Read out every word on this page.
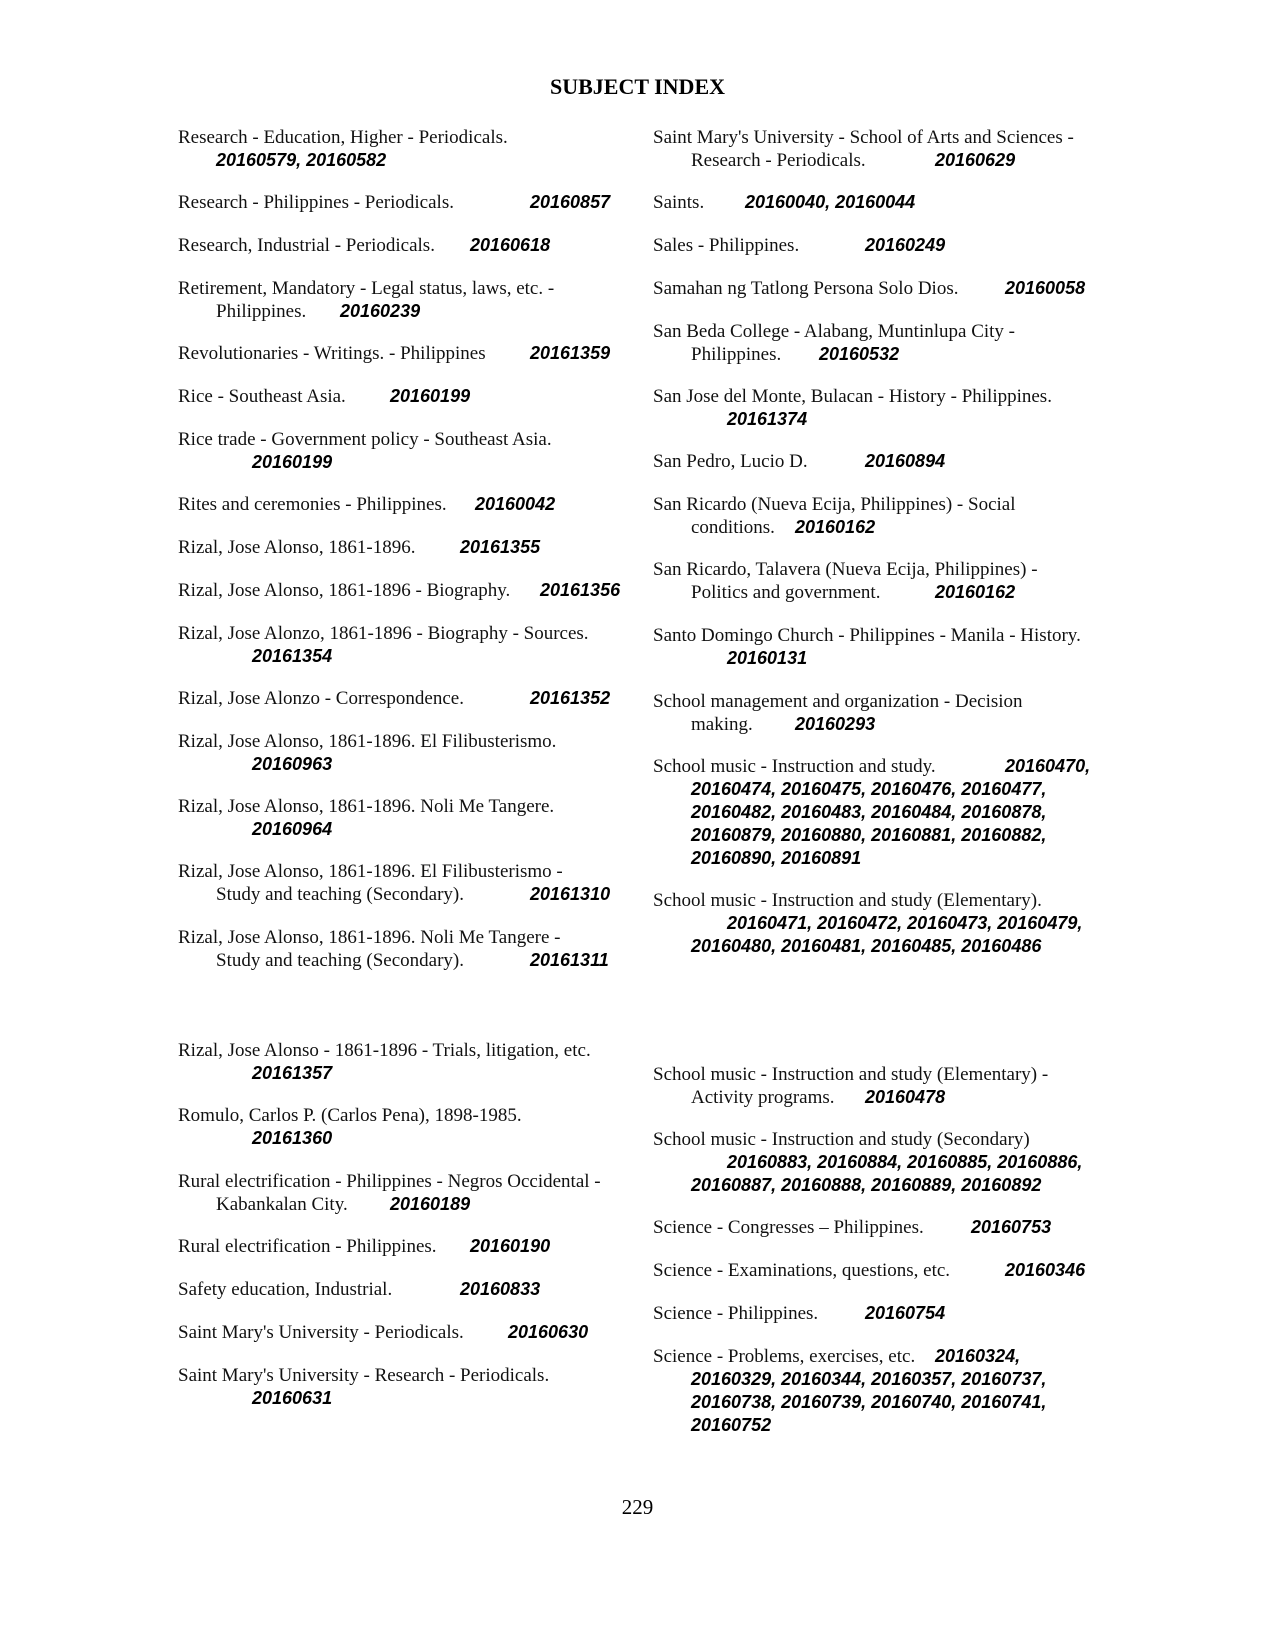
SUBJECT INDEX
Research - Education, Higher - Periodicals.
20160579, 20160582
Research - Philippines - Periodicals.	20160857
Research, Industrial - Periodicals. 20160618
Retirement, Mandatory - Legal status, laws, etc. -
Philippines. 20160239
Revolutionaries - Writings. - Philippines 20161359
Rice - Southeast Asia. 20160199
Rice trade - Government policy - Southeast Asia.
20160199
Rites and ceremonies - Philippines. 20160042
Rizal, Jose Alonso, 1861-1896. 20161355
Rizal, Jose Alonso, 1861-1896 - Biography. 20161356
Rizal, Jose Alonzo, 1861-1896 - Biography - Sources.
20161354
Rizal, Jose Alonzo - Correspondence.	20161352
Rizal, Jose Alonso, 1861-1896. El Filibusterismo.
20160963
Rizal, Jose Alonso, 1861-1896. Noli Me Tangere.
20160964
Rizal, Jose Alonso, 1861-1896. El Filibusterismo -
Study and teaching (Secondary).	20161310
Rizal, Jose Alonso, 1861-1896. Noli Me Tangere -
Study and teaching (Secondary).	20161311
Rizal, Jose Alonso - 1861-1896 - Trials, litigation, etc.
20161357
Romulo, Carlos P. (Carlos Pena), 1898-1985.
20161360
Rural electrification - Philippines - Negros Occidental -
Kabankalan City. 20160189
Rural electrification - Philippines. 20160190
Safety education, Industrial.	20160833
Saint Mary's University - Periodicals. 20160630
Saint Mary's University - Research - Periodicals.
20160631
Saint Mary's University - School of Arts and Sciences -
Research - Periodicals.	20160629
Saints. 20160040, 20160044
Sales - Philippines.	20160249
Samahan ng Tatlong Persona Solo Dios.	20160058
San Beda College - Alabang, Muntinlupa City -
Philippines. 20160532
San Jose del Monte, Bulacan - History - Philippines.
20161374
San Pedro, Lucio D.	20160894
San Ricardo (Nueva Ecija, Philippines) - Social
conditions. 20160162
San Ricardo, Talavera (Nueva Ecija, Philippines) -
Politics and government.	20160162
Santo Domingo Church - Philippines - Manila - History.
20160131
School management and organization - Decision
making. 20160293
School music - Instruction and study.	20160470,
20160474, 20160475, 20160476, 20160477,
20160482, 20160483, 20160484, 20160878,
20160879, 20160880, 20160881, 20160882,
20160890, 20160891
School music - Instruction and study (Elementary).
20160471, 20160472, 20160473, 20160479,
20160480, 20160481, 20160485, 20160486
School music - Instruction and study (Elementary) -
Activity programs. 20160478
School music - Instruction and study (Secondary)
20160883, 20160884, 20160885, 20160886,
20160887, 20160888, 20160889, 20160892
Science - Congresses – Philippines.	20160753
Science - Examinations, questions, etc.	20160346
Science - Philippines.	20160754
Science - Problems, exercises, etc. 20160324,
20160329, 20160344, 20160357, 20160737,
20160738, 20160739, 20160740, 20160741,
20160752
229
